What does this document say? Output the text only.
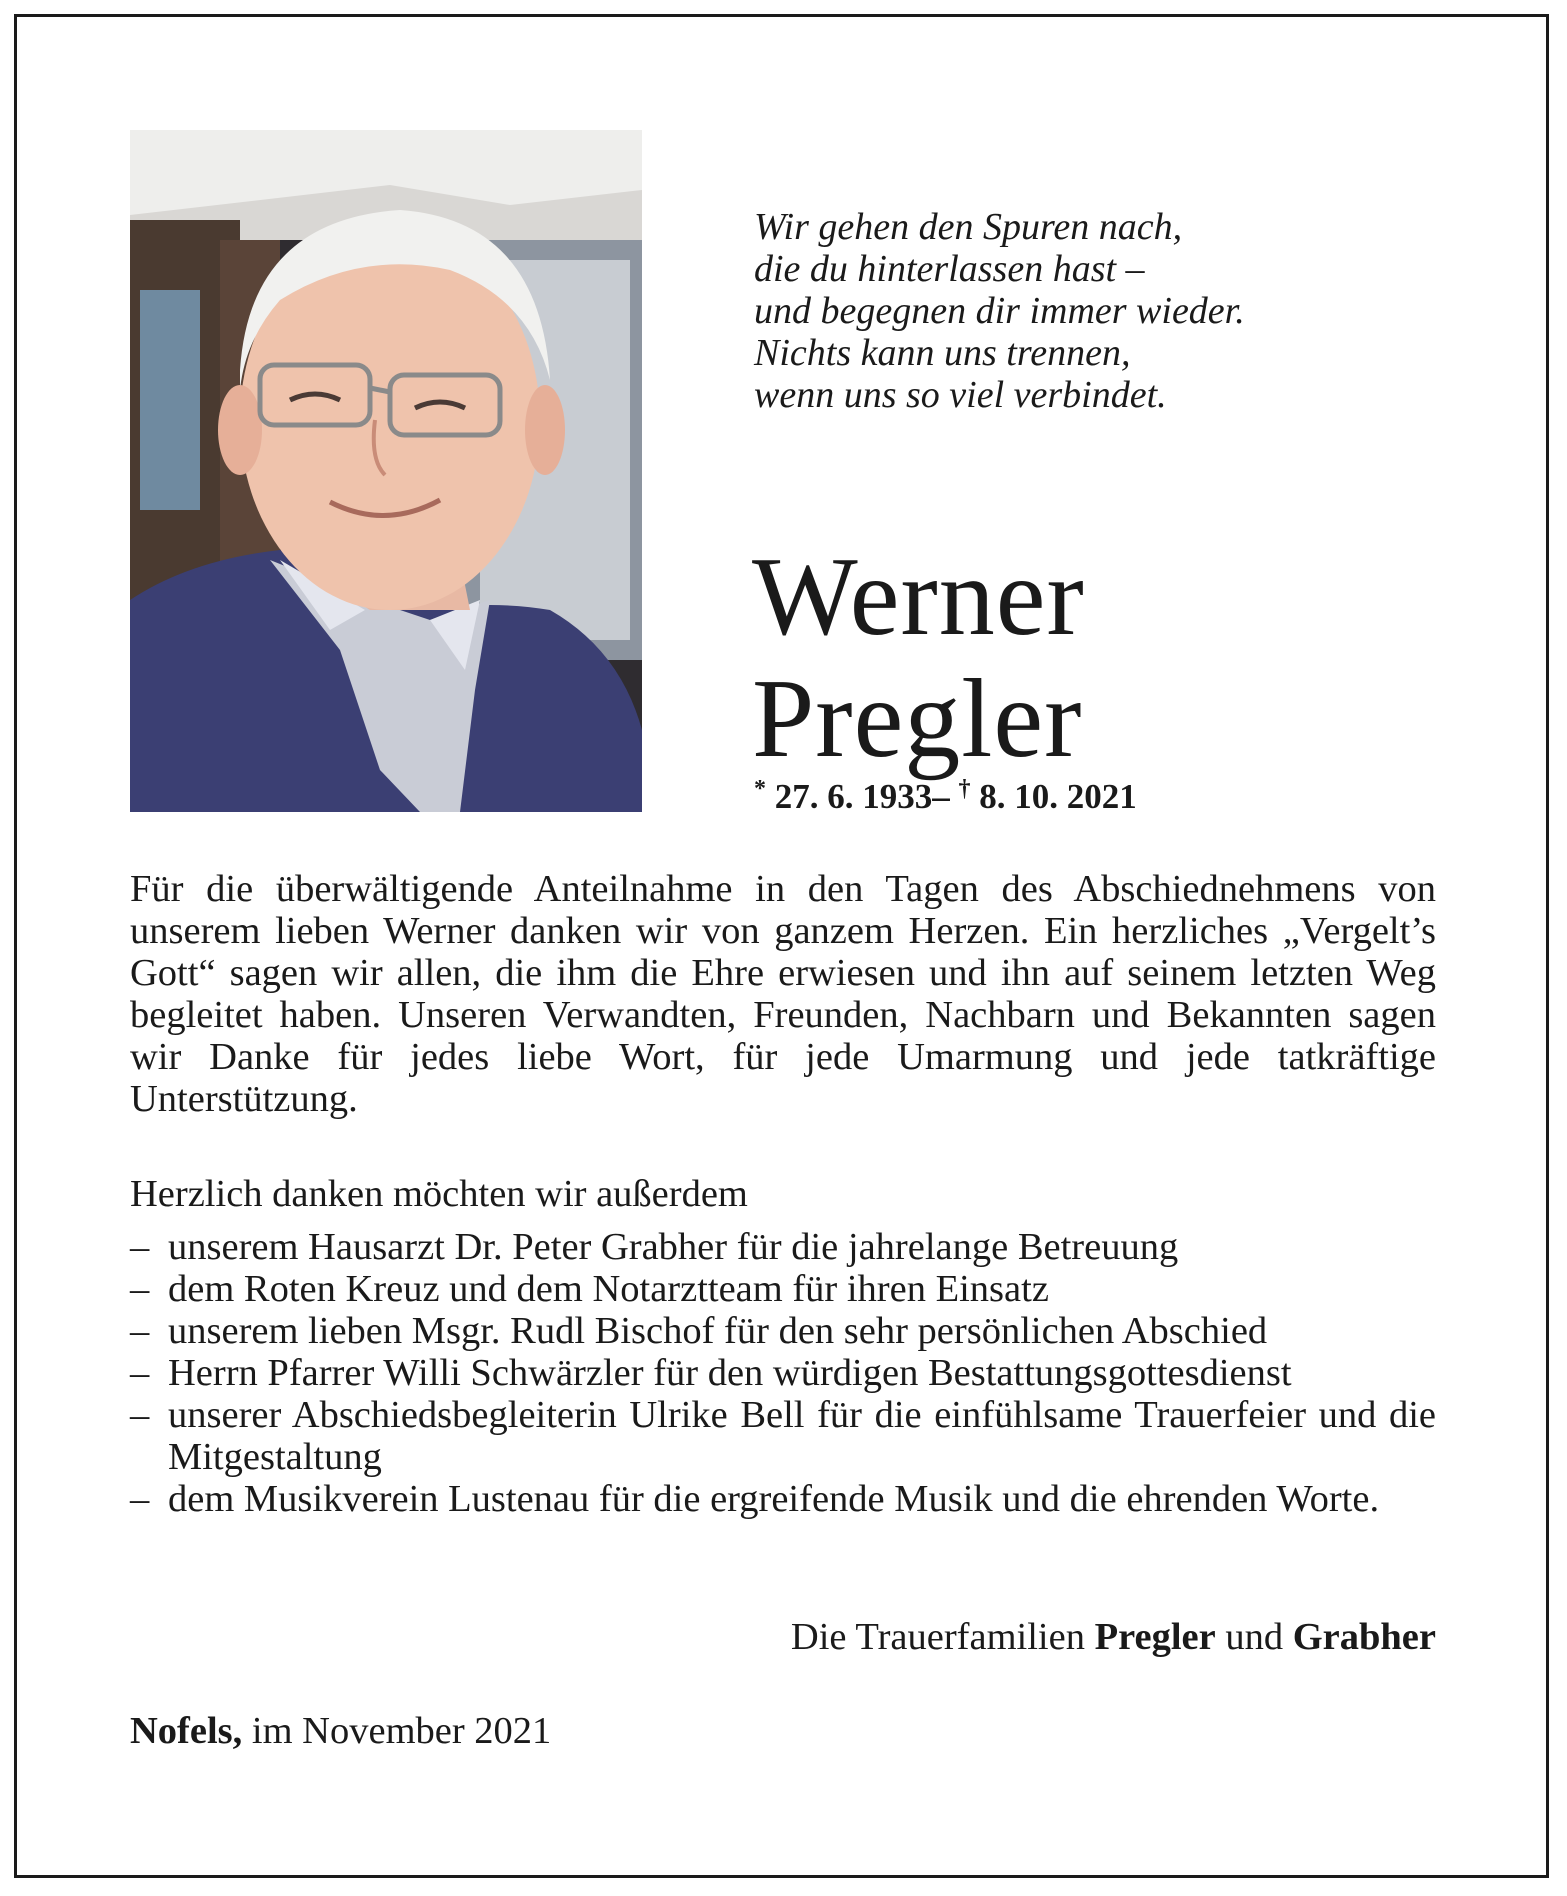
Wir gehen den Spuren nach,
die du hinterlassen hast –
und begegnen dir immer wieder.
Nichts kann uns trennen,
wenn uns so viel verbindet.
Werner
Pregler
* 27. 6. 1933– † 8. 10. 2021

Für die überwältigende Anteilnahme in den Tagen des Abschiednehmens von unserem lieben Werner danken wir von ganzem Herzen. Ein herzliches „Vergelt’s Gott“ sagen wir allen, die ihm die Ehre erwiesen und ihn auf seinem letzten Weg begleitet haben. Unseren Verwandten, Freunden, Nachbarn und Bekannten sagen wir Danke für jedes liebe Wort, für jede Umarmung und jede tatkräftige Unterstützung.

Herzlich danken möchten wir außerdem
– unserem Hausarzt Dr. Peter Grabher für die jahrelange Betreuung
– dem Roten Kreuz und dem Notarztteam für ihren Einsatz
– unserem lieben Msgr. Rudl Bischof für den sehr persönlichen Abschied
– Herrn Pfarrer Willi Schwärzler für den würdigen Bestattungsgottesdienst
– unserer Abschiedsbegleiterin Ulrike Bell für die einfühlsame Trauerfeier und die Mitgestaltung
– dem Musikverein Lustenau für die ergreifende Musik und die ehrenden Worte.
Die Trauerfamilien Pregler und Grabher
Nofels, im November 2021
